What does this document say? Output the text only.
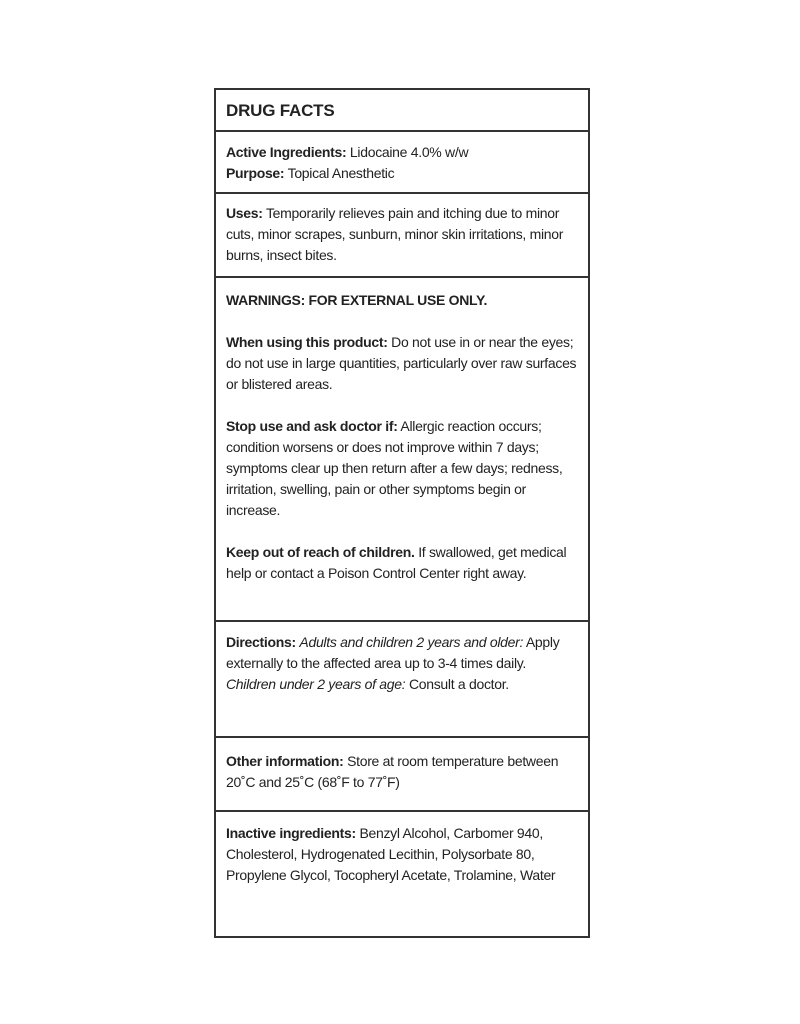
DRUG FACTS

Active Ingredients: Lidocaine 4.0% w/w

Purpose: Topical Anesthetic

Uses: Temporarily relieves pain and itching due to minor cuts, minor scrapes, sunburn, minor skin irritations, minor burns, insect bites.

WARNINGS: FOR EXTERNAL USE ONLY.

When using this product: Do not use in or near the eyes; do not use in large quantities, particularly over raw surfaces or blistered areas.

Stop use and ask doctor if: Allergic reaction occurs; condition worsens or does not improve within 7 days; symptoms clear up then return after a few days; redness, irritation, swelling, pain or other symptoms begin or increase.

Keep out of reach of children. If swallowed, get medical help or contact a Poison Control Center right away.

Directions: Adults and children 2 years and older: Apply externally to the affected area up to 3-4 times daily.

Children under 2 years of age: Consult a doctor.

Other information: Store at room temperature between 20˚C and 25˚C (68˚F to 77˚F)

Inactive ingredients: Benzyl Alcohol, Carbomer 940, Cholesterol, Hydrogenated Lecithin, Polysorbate 80, Propylene Glycol, Tocopheryl Acetate, Trolamine, Water
